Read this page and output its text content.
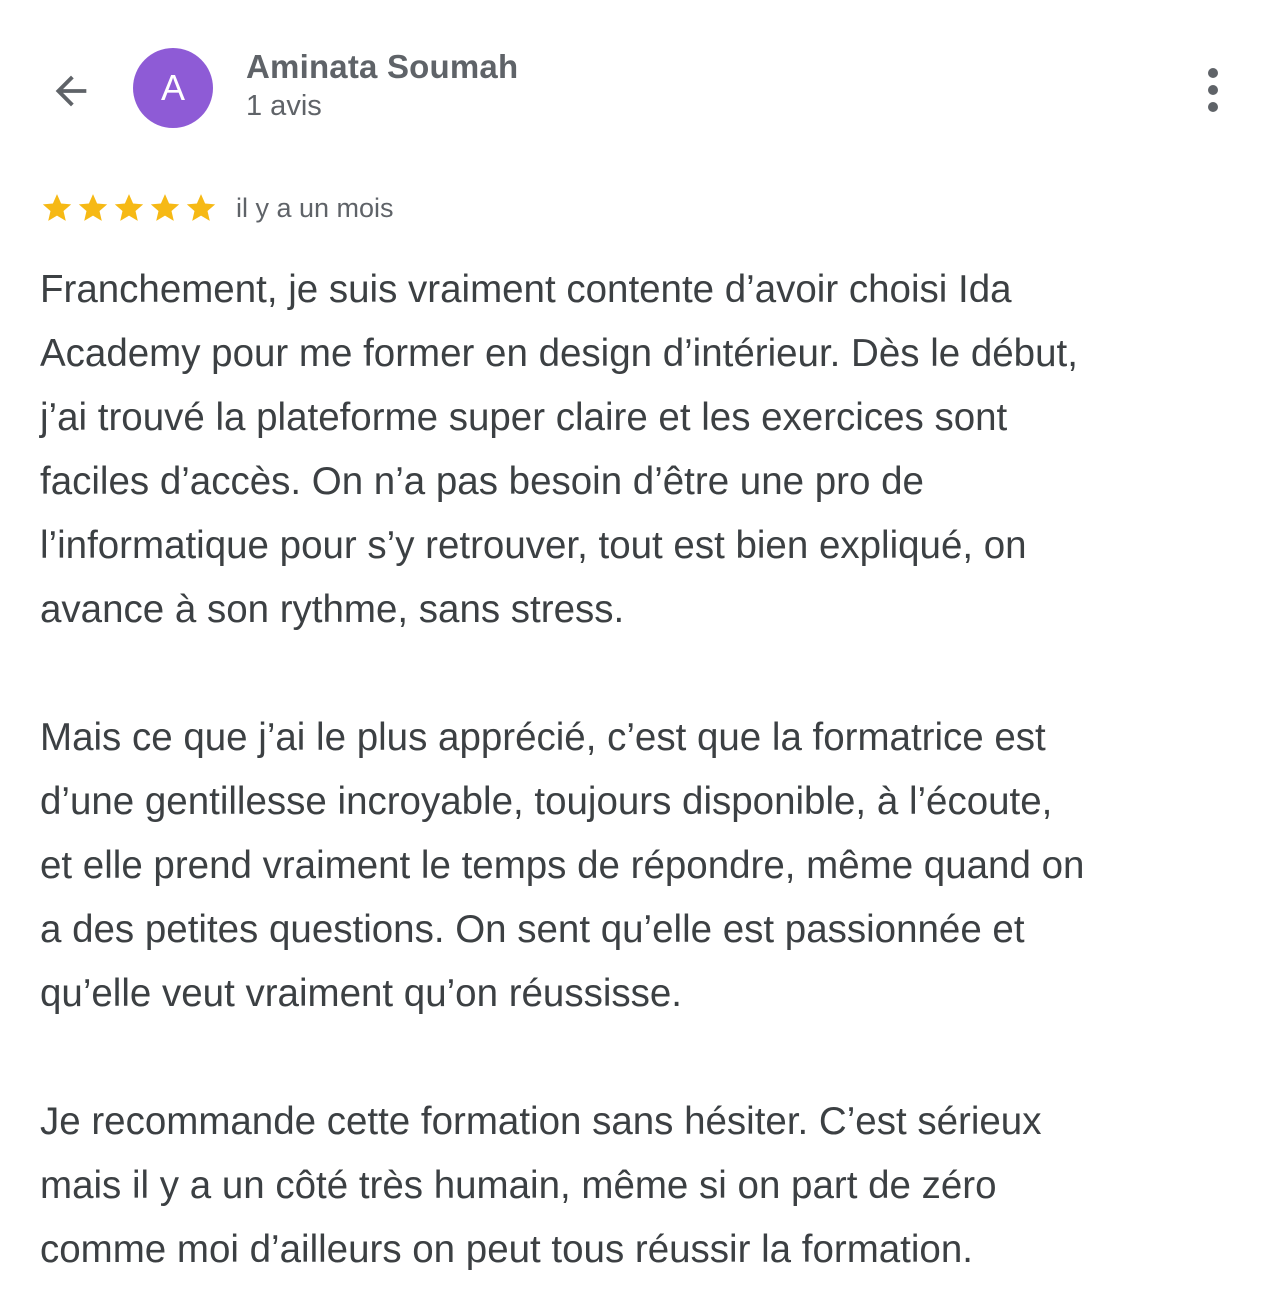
A
Aminata Soumah
1 avis
il y a un mois

Franchement, je suis vraiment contente d’avoir choisi Ida
Academy pour me former en design d’intérieur. Dès le début,
j’ai trouvé la plateforme super claire et les exercices sont
faciles d’accès. On n’a pas besoin d’être une pro de
l’informatique pour s’y retrouver, tout est bien expliqué, on
avance à son rythme, sans stress.

Mais ce que j’ai le plus apprécié, c’est que la formatrice est
d’une gentillesse incroyable, toujours disponible, à l’écoute,
et elle prend vraiment le temps de répondre, même quand on
a des petites questions. On sent qu’elle est passionnée et
qu’elle veut vraiment qu’on réussisse.

Je recommande cette formation sans hésiter. C’est sérieux
mais il y a un côté très humain, même si on part de zéro
comme moi d’ailleurs on peut tous réussir la formation.
